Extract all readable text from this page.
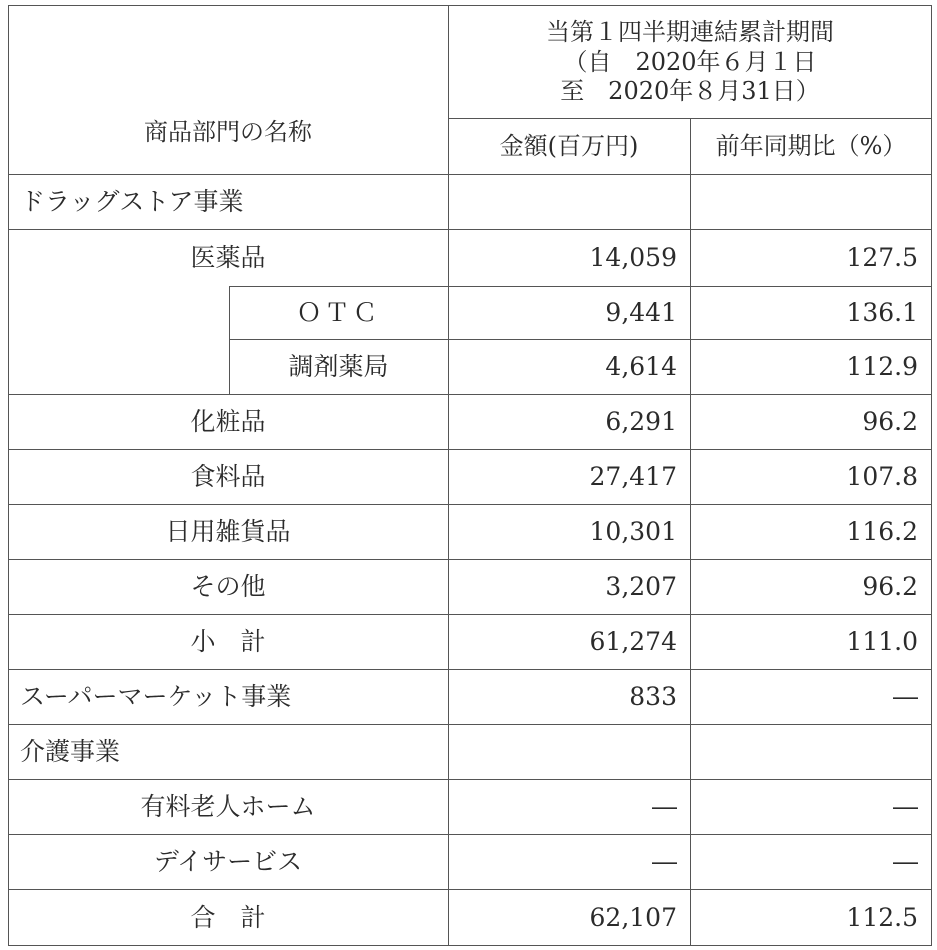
商品部門の名称
当第１四半期連結累計期間
（自　2020年６月１日
至　2020年８月31日）
金額(百万円)	前年同期比（%）
ドラッグストア事業
医薬品	14,059	127.5
ＯＴＣ	9,441	136.1
調剤薬局	4,614	112.9
化粧品	6,291	96.2
食料品	27,417	107.8
日用雑貨品	10,301	116.2
その他	3,207	96.2
小　計	61,274	111.0
スーパーマーケット事業	833	―
介護事業
有料老人ホーム	―	―
デイサービス	―	―
合　計	62,107	112.5
